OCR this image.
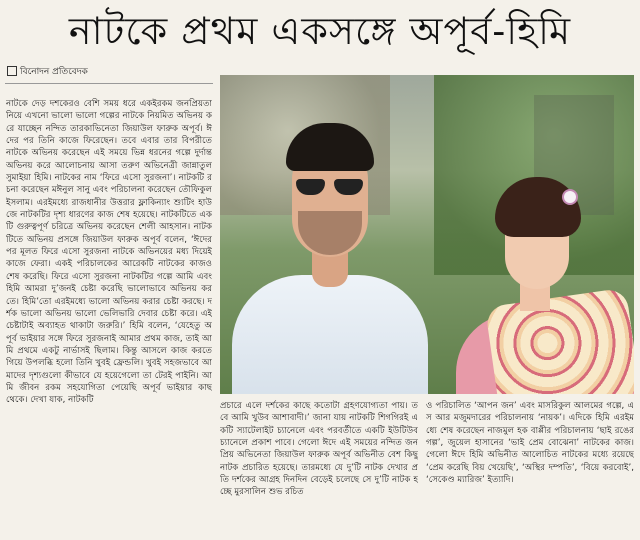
নাটকে প্রথম একসঙ্গে অপূর্ব-হিমি
বিনোদন প্রতিবেদক

নাটকে দেড় দশকেরও বেশি সময় ধরে একইরকম জনপ্রিয়তা নিয়ে এখনো ভালো ভালো গল্পের নাটকে নিয়মিত অভিনয় করে যাচ্ছেন নন্দিত তারকাভিনেতা জিয়াউল ফারুক অপূর্ব। ঈদের পর তিনি কাজে ফিরেছেন। তবে এবার তার বিপরীতে নাটকে অভিনয় করেছেন এই সময়ে ভিন্ন ধরনের গল্পে দুর্দান্ত অভিনয় করে আলোচনায় আসা তরুণ অভিনেত্রী জান্নাতুল সুমাইয়া হিমি। নাটকের নাম ‘ফিরে এসো সুরজনা’। নাটকটি রচনা করেছেন মঈনুল সানু এবং পরিচালনা করেছেন তৌফিকুল ইসলাম। এরইমধ্যে রাজধানীর উত্তরার ফ্লাকিন্যাং শ্যুটিং হাউজে নাটকটির দৃশ্য ধারণের কাজ শেষ হয়েছে। নাটকটিতে একটি গুরুত্বপূর্ণ চরিত্রে অভিনয় করেছেন শেলী আহসান। নাটকটিতে অভিনয় প্রসঙ্গে জিয়াউল ফারুক অপূর্ব বলেন, ‘ঈদের পর মূলত ফিরে এসো সুরজনা নাটকে অভিনয়ের মধ্য দিয়েই কাজে ফেরা। একই পরিচালকের আরেকটি নাটকের কাজও শেষ করেছি। ফিরে এসো সুরজনা নাটকটির গল্পে আমি এবং হিমি আমরা দু’জনই চেষ্টা করেছি ভালোভাবে অভিনয় করতে। হিমি’তো এরইমধ্যে ভালো অভিনয় করার চেষ্টা করছে। দর্শক ভালো অভিনয় ভালো ভেলিভারি দেবার চেষ্টা করে। এই চেষ্টাটাই অব্যাহত থাকাটা জরুরি।’ হিমি বলেন, ‘যেহেতু অপূর্ব ভাইয়ার সঙ্গে ফিরে সুরজনাই আমার প্রথম কাজ, তাই আমি প্রথমে একটু নার্ভাসই ছিলাম। কিন্তু আসলে কাজ করতে গিয়ে উপলব্ধি হলো তিনি খুবই ফ্রেন্ডলি। খুবই সহজভাবে আমাদের দৃশ্যগুলো কীভাবে যে হয়েগেলো তা টেরই পাইনি। আমি জীবন রকম সহযোগিতা পেয়েছি অপূর্ব ভাইয়ার কাছ থেকে। দেখা যাক, নাটকটি

প্রচারে এলে দর্শকের কাছে কতোটা গ্রহণযোগ্যতা পায়। তবে আমি খুউব আশাবাদী।’ জানা যায় নাটকটি শিগগিরই একটি স্যাটেলাইট চ্যানেলে এবং পরবর্তীতে একটি ইউটিউব চ্যানেলে প্রকাশ পাবে। গেলো ঈদে এই সময়ের নন্দিত জনপ্রিয় অভিনেতা জিয়াউল ফারুক অপূর্ব অভিনীত বেশ কিছু নাটক প্রচারিত হয়েছে। তারমধ্যে যে দু’টি নাটক দেখার প্রতি দর্শকের আগ্রহ দিনদিন বেড়েই চলেছে সে দু’টি নাটক হচ্ছে মুরসালিন শুভ রচিত

ও পরিচালিত ‘আপন জন’ এবং মাসরিকুল আলমের গল্পে, এস আর মজুমদারের পরিচালনায় ‘নায়ক’। এদিকে হিমি এরইমধ্যে শেষ করেছেন নাজমুল হক বাপ্পীর পরিচালনায় ‘ছাই রঙের গল্প’, জুয়েল হাসানের ‘ভাই প্রেম বোঝেনা’ নাটকের কাজ। গেলো ঈদে হিমি অভিনীত আলোচিত নাটকের মধ্যে রয়েছে ‘প্রেম করেছি বিয় খেয়েছি’, ‘অস্থির দম্পতি’, ‘বিয়ে করবোই’, ‘সেকেণ্ড ম্যারিজ’ ইত্যাদি।
